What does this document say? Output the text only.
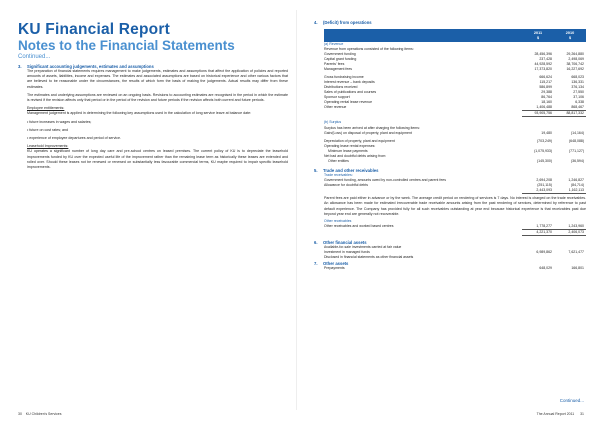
KU Financial Report
Notes to the Financial Statements
Continued...
3.	Significant accounting judgements, estimates and assumptions

The preparation of financial statements requires management to make judgements, estimates and assumptions that affect the application of policies and reported amounts of assets, liabilities, income and expenses. The estimates and associated assumptions are based on historical experience and other various factors that are believed to be reasonable under the circumstances, the results of which form the basis of making the judgements. Actual results may differ from these estimates.

The estimates and underlying assumptions are reviewed on an ongoing basis. Revisions to accounting estimates are recognised in the period in which the estimate is revised if the revision affects only that period or in the period of the revision and future periods if the revision affects both current and future periods.

Employee entitlements:

Management judgement is applied in determining the following key assumptions used in the calculation of long service leave at balance date:

• future increases in wages and salaries;

• future on cost rates; and

• experience of employee departures and period of service.

Leasehold Improvements:

KU operates a significant number of long day care and pre-school centres on leased premises. The current policy of KU is to depreciate the leasehold improvements funded by KU over the expected useful life of the improvement rather than the remaining lease term as historically these leases are extended and rolled over. Should these leases not be renewed or renewed on substantially less favourable commercial terms, KU maybe required to impair specific leasehold improvements.

4.	(Deficit) from operations
2011
$
2010
$
(a) Revenue
Revenue from operations consisted of the following items:
Government funding	28,456,396	29,264,880
Capital grant funding	237,428	2,498,069
Parents' fees	44,928,592	38,706,742
Management fees	17,373,820	16,227,692
Gross fundraising income	666,624	668,023
Interest revenue – bank deposits	115,217	136,331
Distributions received	586,899	376,134
Sales of publications and courses	29,388	27,550
Sponsor support	86,764	37,106
Operating rental lease revenue	18,160	6,338
Other revenue	1,406,488	868,467
93,905,756	88,817,332
(b) Surplus
Surplus has been arrived at after charging the following items:
Gain/(Loss) on disposal of property, plant and equipment	19,480	(14,164)
Depreciation of property, plant and equipment	(703,249)	(648,088)
Operating lease rental expenses:
Minimum lease payments	(1,075,933)	(771,127)
Net bad and doubtful debts arising from:
Other entities	(145,300)	(36,594)
5.	Trade and other receivables
Trade receivables:
Government funding, amounts owed by non-controlled centres and parent fees	2,694,208	1,246,827
Allowance for doubtful debts	(251,115)	(84,714)
2,443,093	1,162,113

Parent fees are paid either in advance or by the week. The average credit period on rendering of services is 7 days. No interest is charged on the trade receivables. An allowance has been made for estimated irrecoverable trade receivable amounts arising from the past rendering of services, determined by reference to past default experience. The Company has provided fully for all such receivables outstanding at year end because historical experience is that receivables past due beyond year end are generally not recoverable.

Other receivables
Other receivables and worked based centres	1,778,277	1,243,960
4,221,370	2,406,073
6.	Other financial assets
Available-for-sale investments carried at fair value
Investment in managed funds	6,989,862	7,621,477
Disclosed in financial statements as other financial assets
7.	Other assets
Prepayments	648,029	166,801
Continued...
30 KU Children's Services	The Annual Report 2011 31
